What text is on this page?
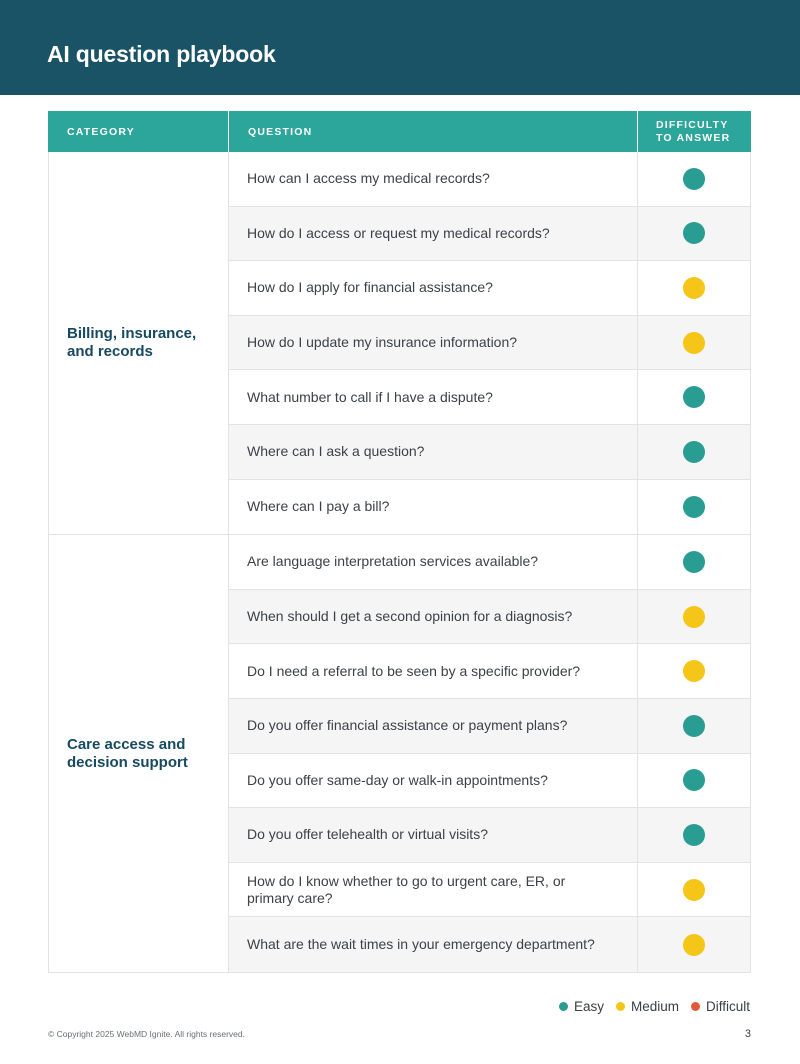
AI question playbook
CATEGORY	QUESTION
DIFFICULTY
TO ANSWER
Billing, insurance, and records
How can I access my medical records?
How do I access or request my medical records?
How do I apply for financial assistance?
How do I update my insurance information?
What number to call if I have a dispute?
Where can I ask a question?
Where can I pay a bill?
Care access and decision support
Are language interpretation services available?
When should I get a second opinion for a diagnosis?
Do I need a referral to be seen by a specific provider?
Do you offer financial assistance or payment plans?
Do you offer same-day or walk-in appointments?
Do you offer telehealth or virtual visits?
How do I know whether to go to urgent care, ER, or primary care?
What are the wait times in your emergency department?
Easy Medium Difficult
© Copyright 2025 WebMD Ignite. All rights reserved.	3
